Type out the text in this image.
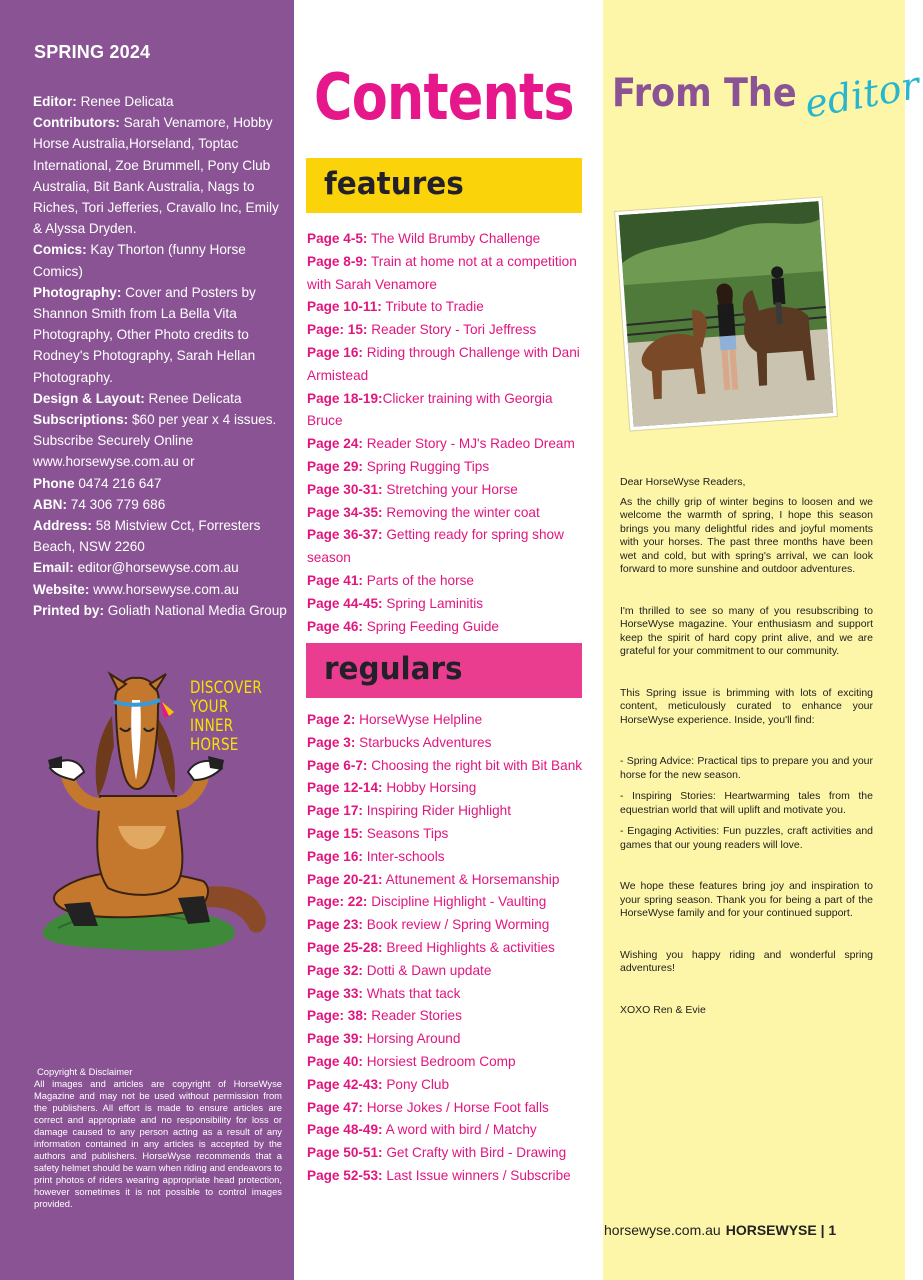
SPRING 2024
Editor: Renee Delicata
Contributors: Sarah Venamore, Hobby Horse Australia,Horseland, Toptac International, Zoe Brummell, Pony Club Australia, Bit Bank Australia, Nags to Riches, Tori Jefferies, Cravallo Inc, Emily & Alyssa Dryden.
Comics: Kay Thorton (funny Horse Comics)
Photography: Cover and Posters by Shannon Smith from La Bella Vita Photography, Other Photo credits to Rodney's Photography, Sarah Hellan Photography.
Design & Layout: Renee Delicata
Subscriptions: $60 per year x 4 issues. Subscribe Securely Online www.horsewyse.com.au or
Phone 0474 216 647
ABN: 74 306 779 686
Address: 58 Mistview Cct, Forresters Beach, NSW 2260
Email: editor@horsewyse.com.au
Website: www.horsewyse.com.au
Printed by: Goliath National Media Group
DISCOVER
YOUR INNER
HORSE
Copyright & Disclaimer
All images and articles are copyright of HorseWyse Magazine and may not be used without permission from the publishers. All effort is made to ensure articles are correct and appropriate and no responsibility for loss or damage caused to any person acting as a result of any information contained in any articles is accepted by the authors and publishers. HorseWyse recommends that a safety helmet should be warn when riding and endeavors to print photos of riders wearing appropriate head protection, however sometimes it is not possible to control images provided.
Contents
features
Page 4-5: The Wild Brumby Challenge
Page 8-9: Train at home not at a competition with Sarah Venamore
Page 10-11: Tribute to Tradie
Page: 15: Reader Story - Tori Jeffress
Page 16: Riding through Challenge with Dani Armistead
Page 18-19:Clicker training with Georgia Bruce
Page 24: Reader Story - MJ's Radeo Dream
Page 29: Spring Rugging Tips
Page 30-31: Stretching your Horse
Page 34-35: Removing the winter coat
Page 36-37: Getting ready for spring show season
Page 41: Parts of the horse
Page 44-45: Spring Laminitis
Page 46: Spring Feeding Guide
regulars
Page 2: HorseWyse Helpline
Page 3: Starbucks Adventures
Page 6-7: Choosing the right bit with Bit Bank
Page 12-14: Hobby Horsing
Page 17: Inspiring Rider Highlight
Page 15: Seasons Tips
Page 16: Inter-schools
Page 20-21: Attunement & Horsemanship
Page: 22: Discipline Highlight - Vaulting
Page 23: Book review / Spring Worming
Page 25-28: Breed Highlights & activities
Page 32: Dotti & Dawn update
Page 33: Whats that tack
Page: 38: Reader Stories
Page 39: Horsing Around
Page 40: Horsiest Bedroom Comp
Page 42-43: Pony Club
Page 47: Horse Jokes / Horse Foot falls
Page 48-49: A word with bird / Matchy
Page 50-51: Get Crafty with Bird - Drawing
Page 52-53: Last Issue winners / Subscribe
From The editor

Dear HorseWyse Readers,

As the chilly grip of winter begins to loosen and we welcome the warmth of spring, I hope this season brings you many delightful rides and joyful moments with your horses. The past three months have been wet and cold, but with spring's arrival, we can look forward to more sunshine and outdoor adventures.

I'm thrilled to see so many of you resubscribing to HorseWyse magazine. Your enthusiasm and support keep the spirit of hard copy print alive, and we are grateful for your commitment to our community.

This Spring issue is brimming with lots of exciting content, meticulously curated to enhance your HorseWyse experience. Inside, you'll find:

- Spring Advice: Practical tips to prepare you and your horse for the new season.

- Inspiring Stories: Heartwarming tales from the equestrian world that will uplift and motivate you.

- Engaging Activities: Fun puzzles, craft activities and games that our young readers will love.

We hope these features bring joy and inspiration to your spring season. Thank you for being a part of the HorseWyse family and for your continued support.

Wishing you happy riding and wonderful spring adventures!

XOXO Ren & Evie

horsewyse.com.au HORSEWYSE | 1
